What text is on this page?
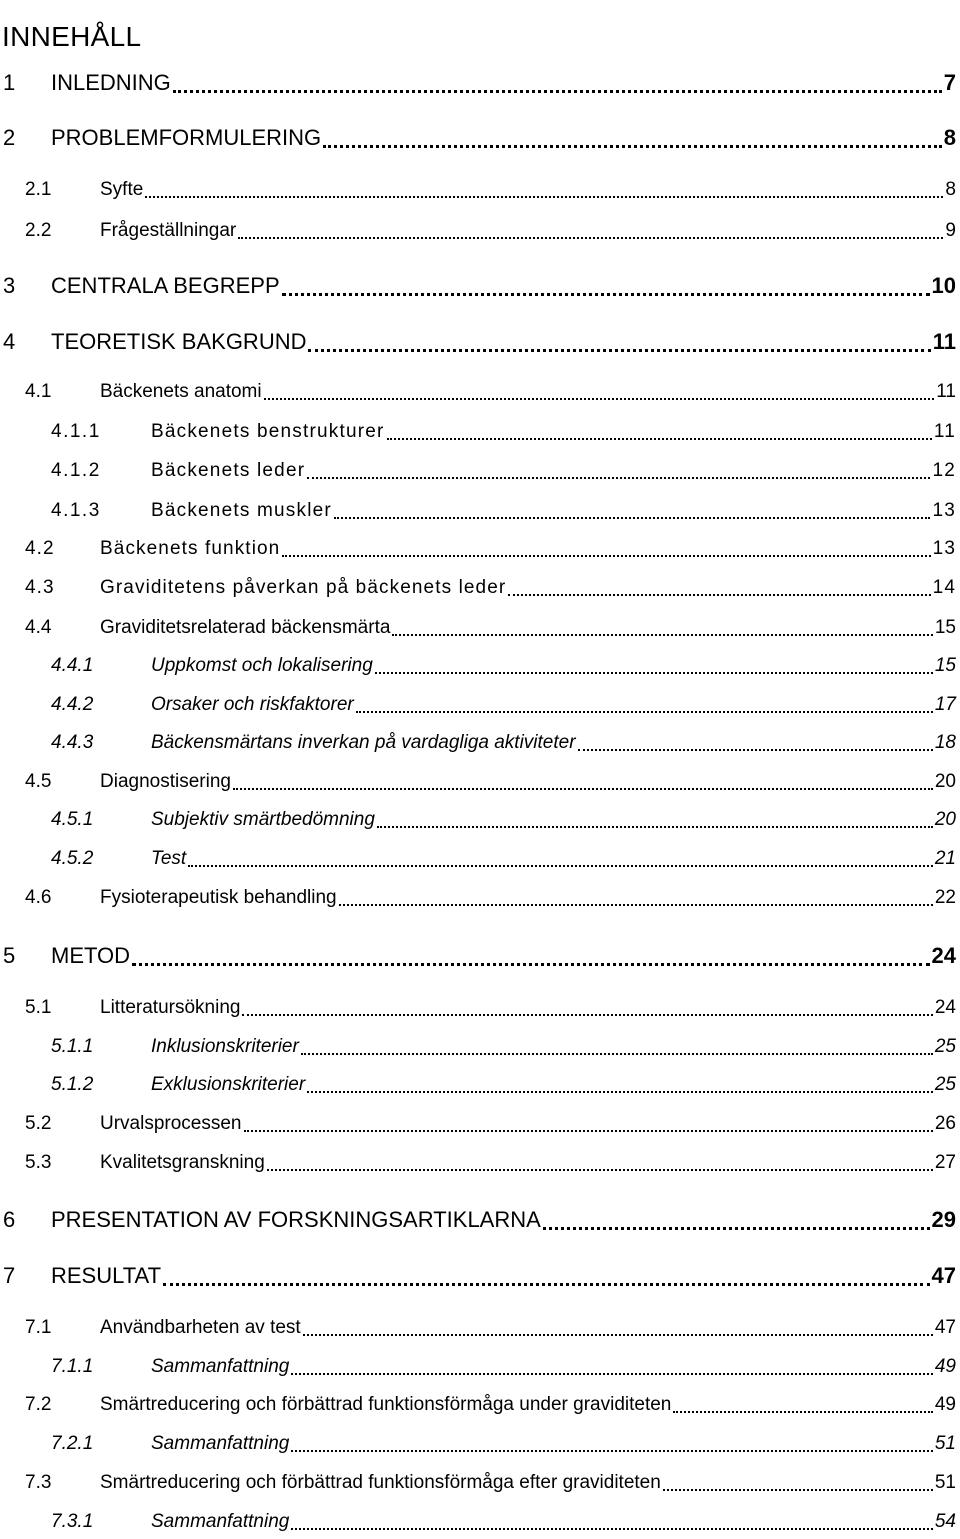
INNEHÅLL
1 INLEDNING	7
2 PROBLEMFORMULERING	8
2.1	Syfte	8
2.2	Frågeställningar	9
3 CENTRALA BEGREPP	10
4 TEORETISK BAKGRUND	11
4.1	Bäckenets anatomi	11
4.1.1	Bäckenets benstrukturer	11
4.1.2	Bäckenets leder	12
4.1.3	Bäckenets muskler	13
4.2 Bäckenets funktion	13
4.3 Graviditetens påverkan på bäckenets leder	14
4.4	Graviditetsrelaterad bäckensmärta	15
4.4.1	Uppkomst och lokalisering	15
4.4.2	Orsaker och riskfaktorer	17
4.4.3	Bäckensmärtans inverkan på vardagliga aktiviteter	18
4.5	Diagnostisering	20
4.5.1	Subjektiv smärtbedömning	20
4.5.2	Test	21
4.6	Fysioterapeutisk behandling	22
5 METOD	24
5.1	Litteratursökning	24
5.1.1	Inklusionskriterier	25
5.1.2	Exklusionskriterier	25
5.2	Urvalsprocessen	26
5.3	Kvalitetsgranskning	27
6 PRESENTATION AV FORSKNINGSARTIKLARNA	29
7 RESULTAT	47
7.1	Användbarheten av test	47
7.1.1	Sammanfattning	49
7.2	Smärtreducering och förbättrad funktionsförmåga under graviditeten	49
7.2.1	Sammanfattning	51
7.3	Smärtreducering och förbättrad funktionsförmåga efter graviditeten	51
7.3.1	Sammanfattning	54
